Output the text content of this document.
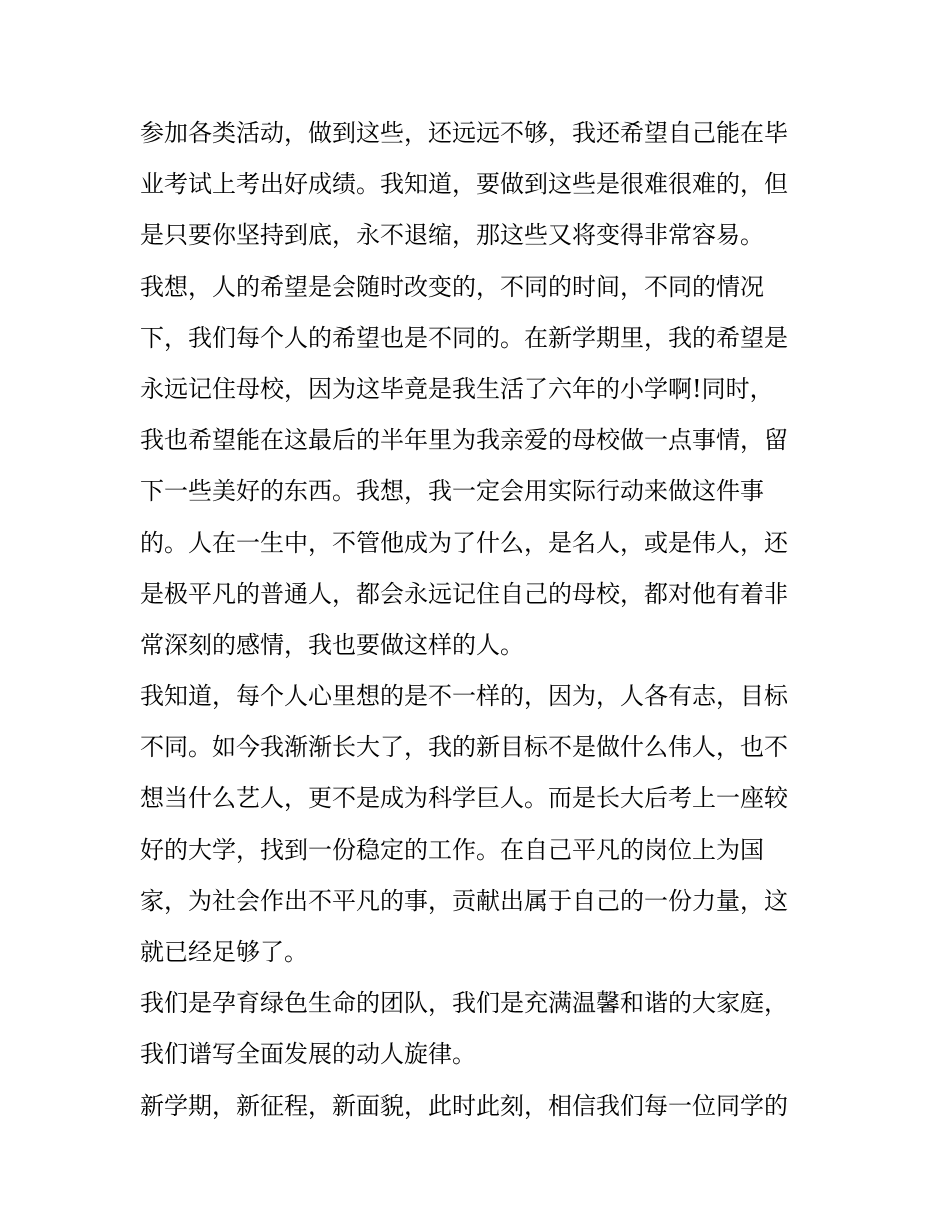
参加各类活动，做到这些，还远远不够，我还希望自己能在毕
业考试上考出好成绩。我知道，要做到这些是很难很难的，但
是只要你坚持到底，永不退缩，那这些又将变得非常容易。
我想，人的希望是会随时改变的，不同的时间，不同的情况
下，我们每个人的希望也是不同的。在新学期里，我的希望是
永远记住母校，因为这毕竟是我生活了六年的小学啊!同时，
我也希望能在这最后的半年里为我亲爱的母校做一点事情，留
下一些美好的东西。我想，我一定会用实际行动来做这件事
的。人在一生中，不管他成为了什么，是名人，或是伟人，还
是极平凡的普通人，都会永远记住自己的母校，都对他有着非
常深刻的感情，我也要做这样的人。
我知道，每个人心里想的是不一样的，因为，人各有志，目标
不同。如今我渐渐长大了，我的新目标不是做什么伟人，也不
想当什么艺人，更不是成为科学巨人。而是长大后考上一座较
好的大学，找到一份稳定的工作。在自己平凡的岗位上为国
家，为社会作出不平凡的事，贡献出属于自己的一份力量，这
就已经足够了。
我们是孕育绿色生命的团队，我们是充满温馨和谐的大家庭，
我们谱写全面发展的动人旋律。
新学期，新征程，新面貌，此时此刻，相信我们每一位同学的
